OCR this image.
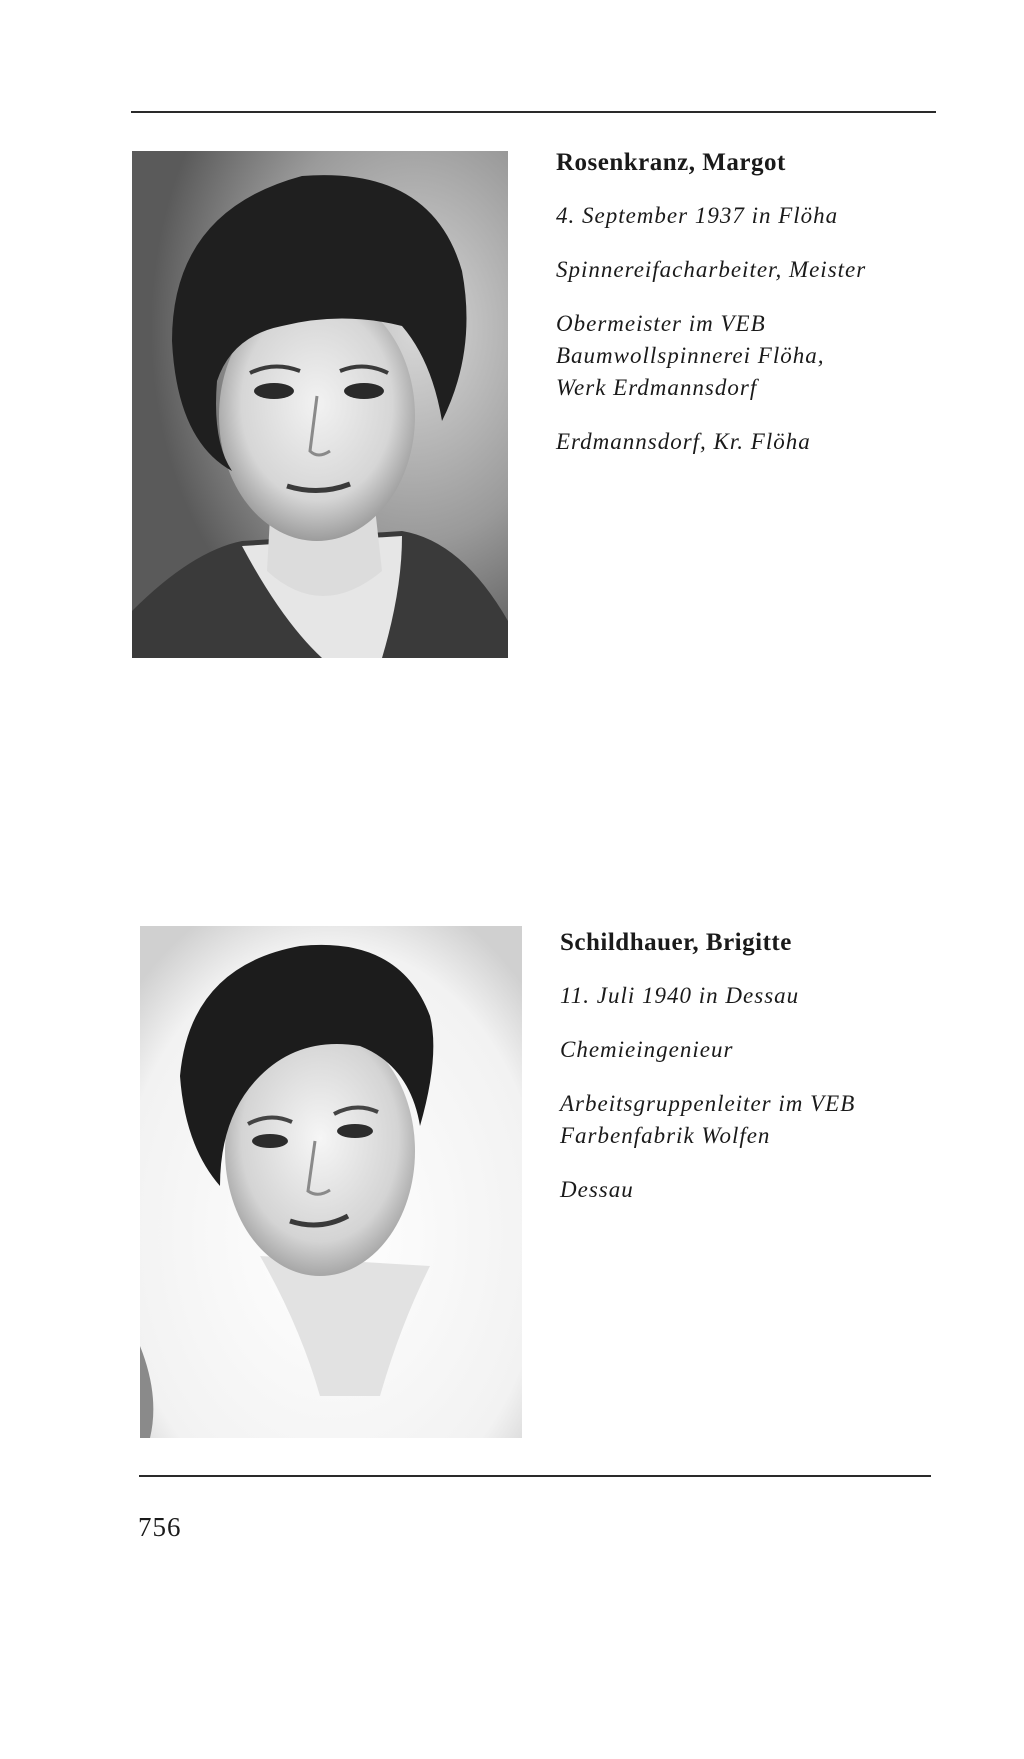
Rosenkranz, Margot
4. September 1937 in Flöha
Spinnereifacharbeiter, Meister
Obermeister im VEB
Baumwollspinnerei Flöha,
Werk Erdmannsdorf
Erdmannsdorf, Kr. Flöha
Schildhauer, Brigitte
11. Juli 1940 in Dessau
Chemieingenieur
Arbeitsgruppenleiter im VEB
Farbenfabrik Wolfen
Dessau
756
